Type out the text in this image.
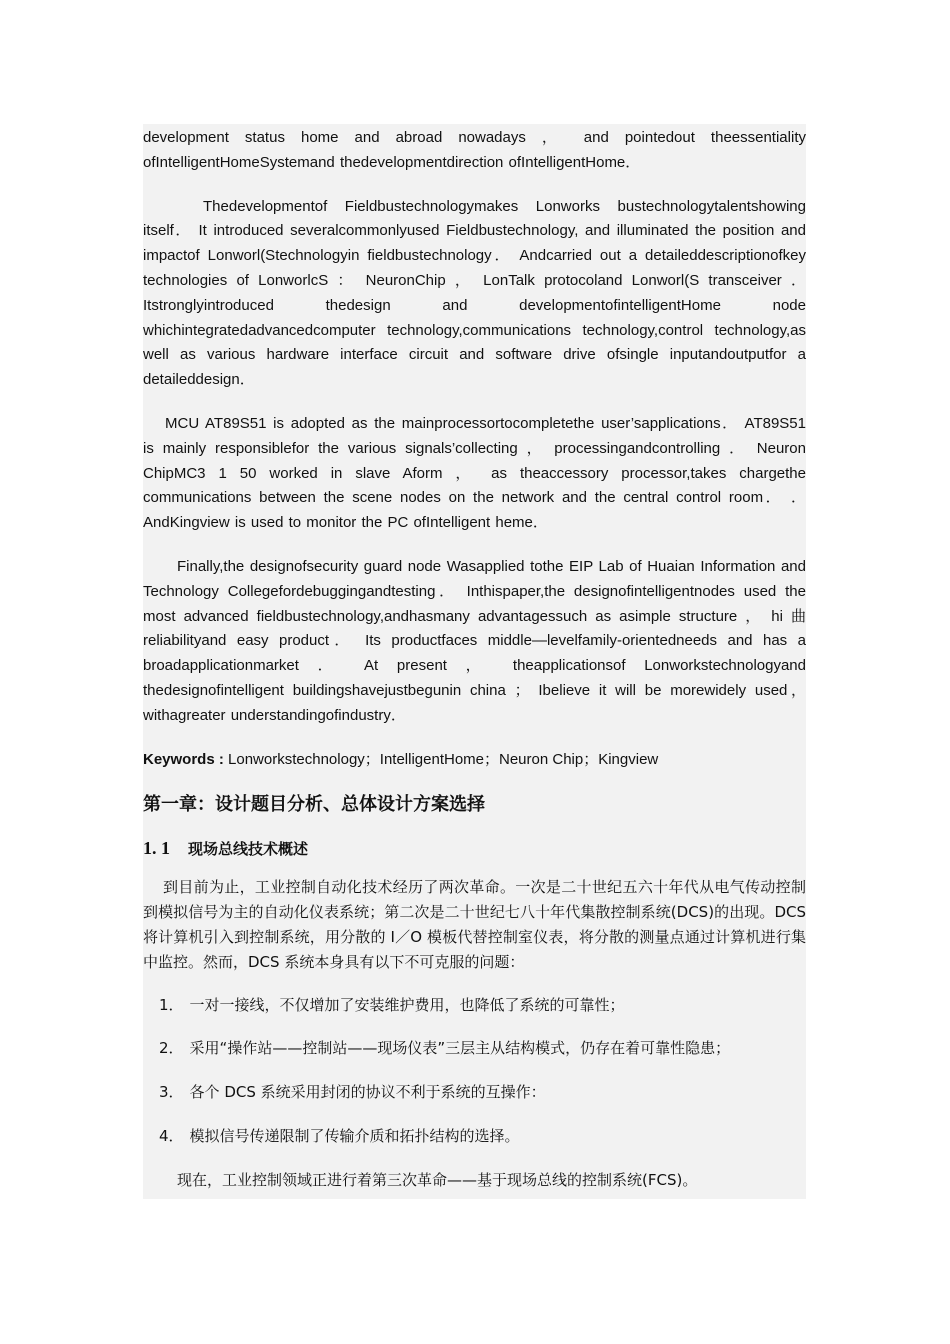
development status home and abroad nowadays ， and pointedout theessentiality ofIntelligentHomeSystemand thedevelopmentdirection ofIntelligentHome．

Thedevelopmentof Fieldbustechnologymakes Lonworks bustechnologytalentshowing itself． It introduced severalcommonlyused Fieldbustechnology, and illuminated the position and impactof Lonworl(Stechnologyin fieldbustechnology． Andcarried out a detaileddescriptionofkey technologies of LonworlcS ： NeuronChip ， LonTalk protocoland Lonworl(S transceiver ． Itstronglyintroduced thedesign and developmentofintelligentHome node whichintegratedadvancedcomputer technology,communications technology,control technology,as well as various hardware interface circuit and software drive ofsingle inputandoutputfor a detaileddesign．

MCU AT89S51 is adopted as the mainprocessortocompletethe user’sapplications． AT89S51 is mainly responsiblefor the various signals’collecting ， processingandcontrolling ． Neuron ChipMC3 1 50 worked in slave Aform ， as theaccessory processor,takes chargethe communications between the scene nodes on the network and the central control room． ． AndKingview is used to monitor the PC ofIntelligent heme．

Finally,the designofsecurity guard node Wasapplied tothe EIP Lab of Huaian Information and Technology Collegefordebuggingandtesting． Inthispaper,the designofintelligentnodes used the most advanced fieldbustechnology,andhasmany advantagessuch as asimple structure ， hi 曲 reliabilityand easy product． Its productfaces middle—levelfamily-orientedneeds and has a broadapplicationmarket ． At present ， theapplicationsof Lonworkstechnologyand thedesignofintelligent buildingshavejustbegunin china ； Ibelieve it will be morewidely used，withagreater understandingofindustry．

Keywords : Lonworkstechnology；IntelligentHome；Neuron Chip；Kingview

第一章：设计题目分析、总体设计方案选择
1. 1 现场总线技术概述

到目前为止，工业控制自动化技术经历了两次革命。一次是二十世纪五六十年代从电气传动控制到模拟信号为主的自动化仪表系统；第二次是二十世纪七八十年代集散控制系统(DCS)的出现。DCS 将计算机引入到控制系统，用分散的 I／O 模板代替控制室仪表，将分散的测量点通过计算机进行集中监控。然而，DCS 系统本身具有以下不可克服的问题：

1． 一对一接线，不仅增加了安装维护费用，也降低了系统的可靠性；
2． 采用“操作站——控制站——现场仪表”三层主从结构模式，仍存在着可靠性隐患；
3． 各个 DCS 系统采用封闭的协议不利于系统的互操作：
4． 模拟信号传递限制了传输介质和拓扑结构的选择。

现在，工业控制领域正进行着第三次革命——基于现场总线的控制系统(FCS)。
